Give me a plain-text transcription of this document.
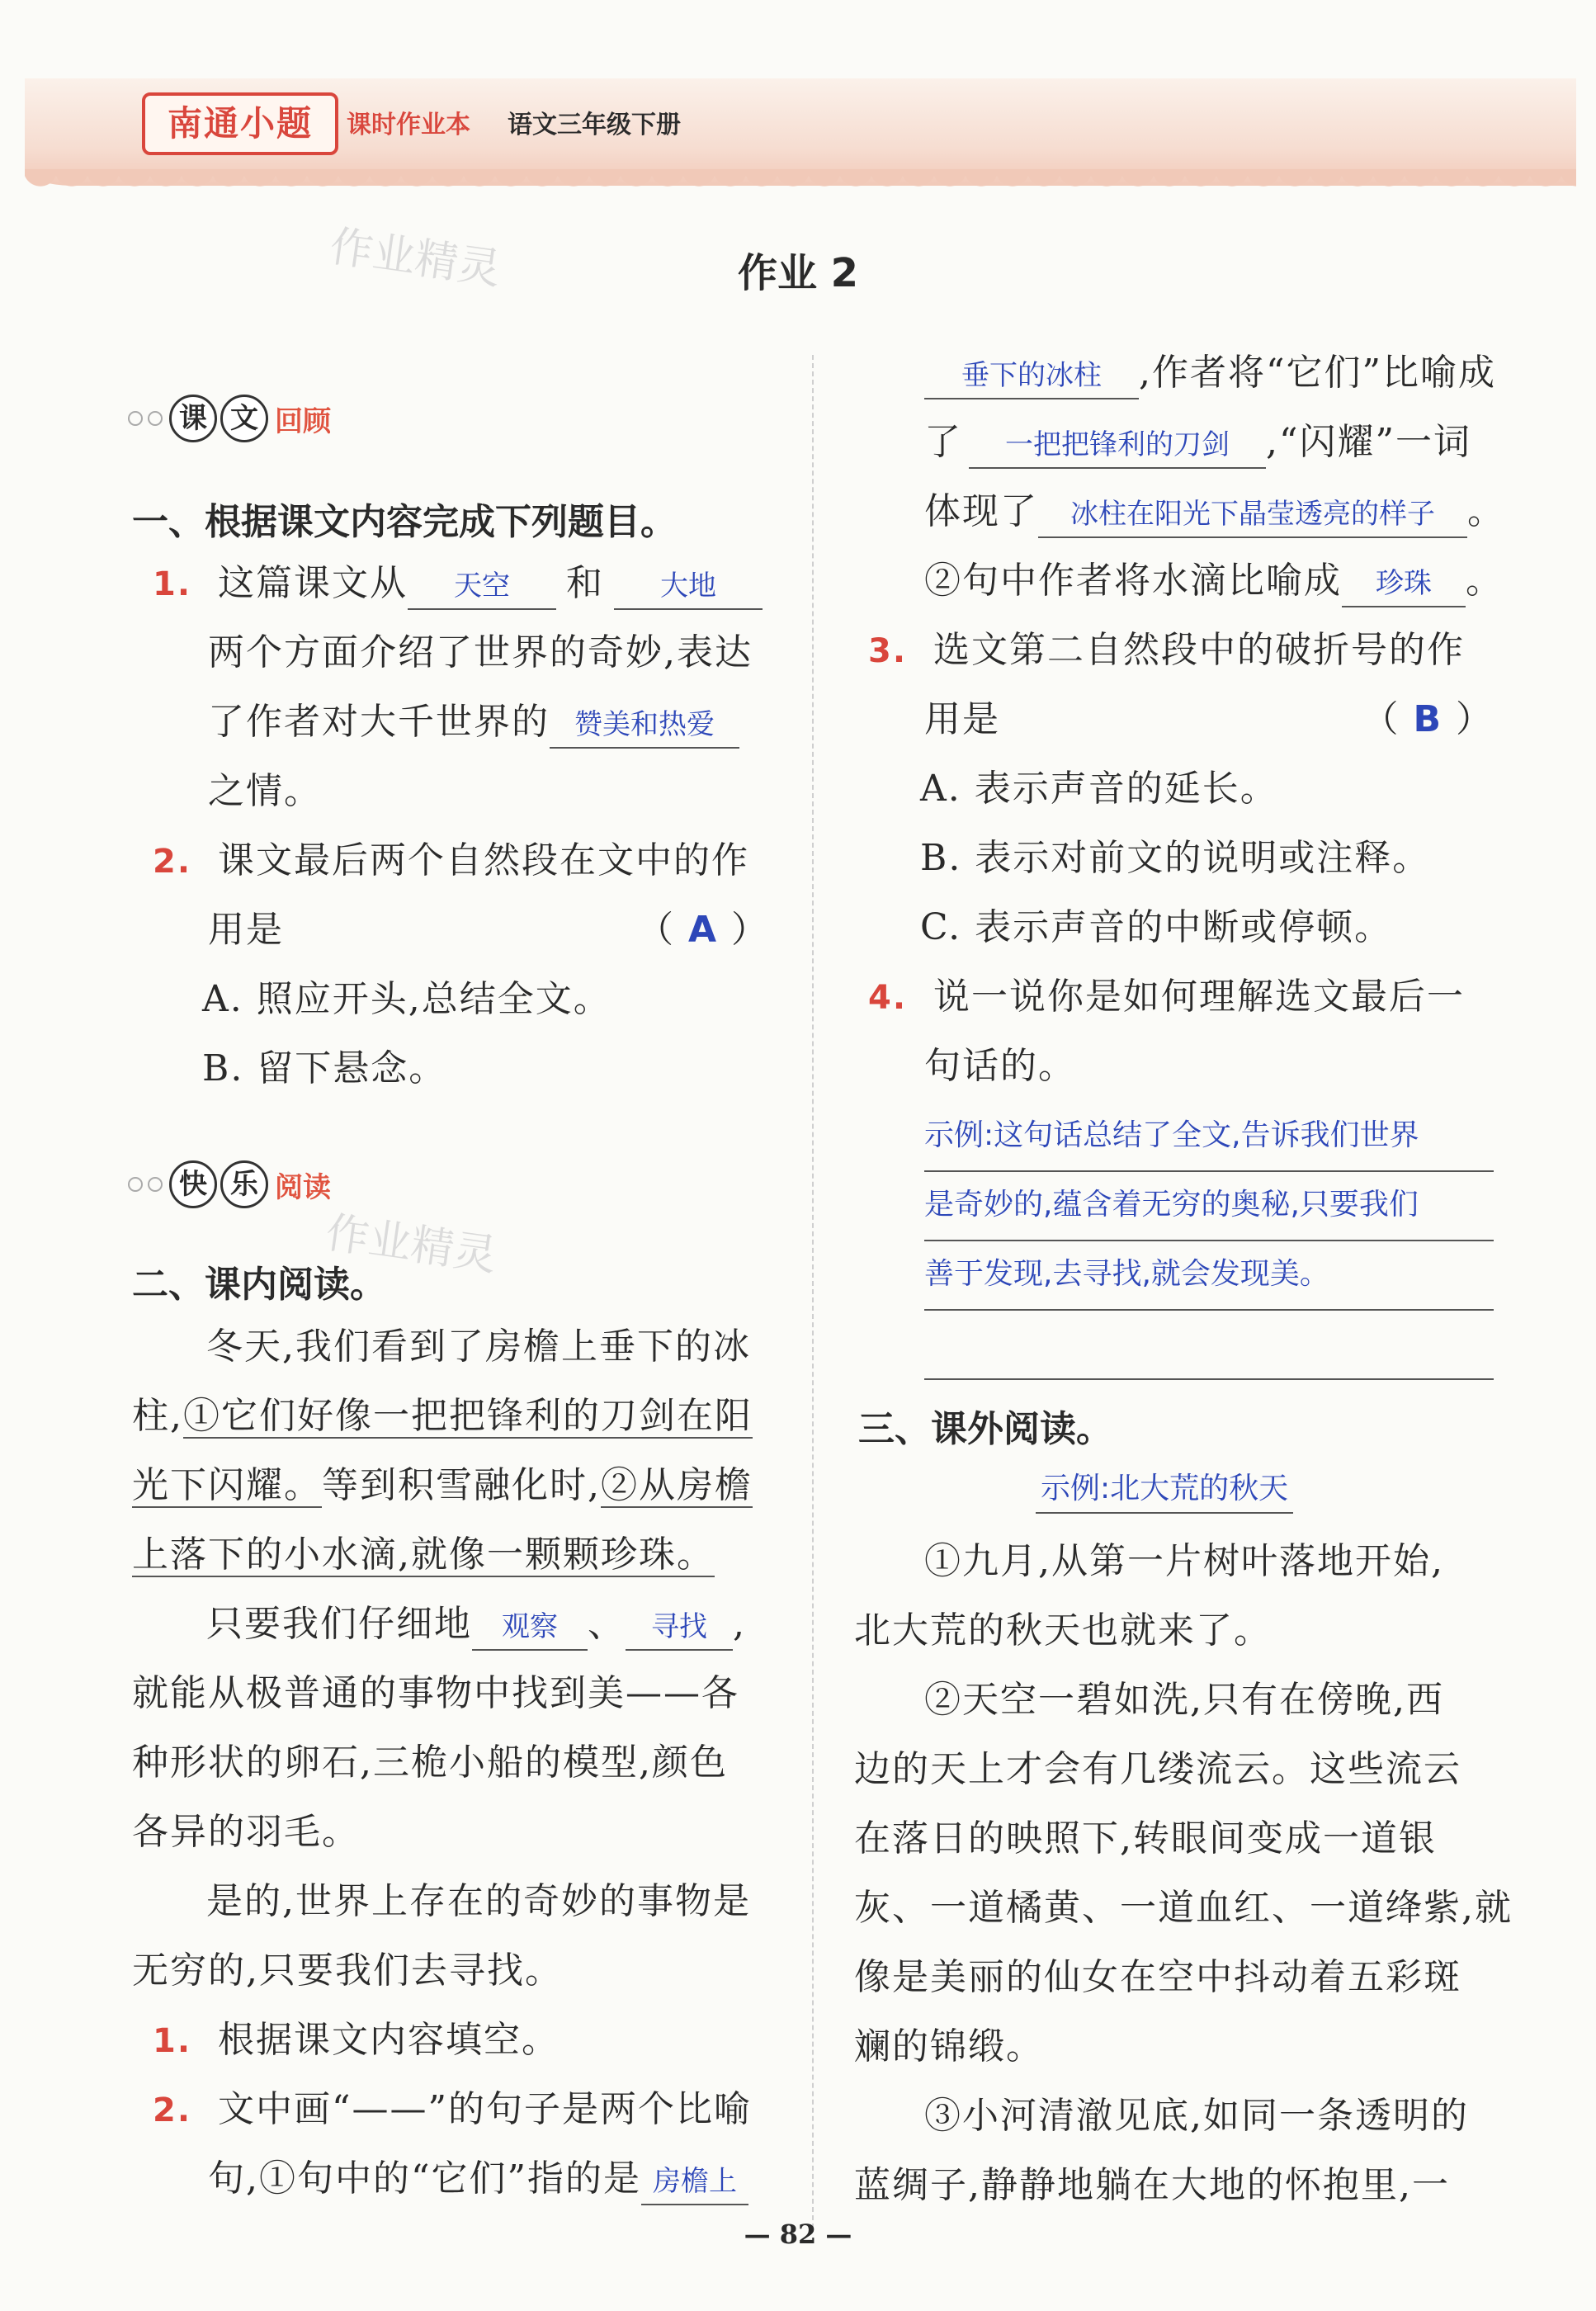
南通小题	课时作业本 语文三年级下册
作业精灵	作业 2
课 文 回顾
一、根据课文内容完成下列题目。
1. 这篇课文从 天空 和 大地
两个方面介绍了世界的奇妙,表达
了作者对大千世界的 赞美和热爱
之情。
2. 课文最后两个自然段在文中的作
用是	（ A ）
A. 照应开头,总结全文。
B. 留下悬念。
快 乐 阅读
作业精灵
二、课内阅读。
冬天,我们看到了房檐上垂下的冰
柱,①它们好像一把把锋利的刀剑在阳
光下闪耀。等到积雪融化时,②从房檐
上落下的小水滴,就像一颗颗珍珠。
只要我们仔细地 观察 、 寻找 ,
就能从极普通的事物中找到美——各
种形状的卵石,三桅小船的模型,颜色
各异的羽毛。
是的,世界上存在的奇妙的事物是
无穷的,只要我们去寻找。
1. 根据课文内容填空。
2. 文中画“——”的句子是两个比喻
句,①句中的“它们”指的是 房檐上
垂下的冰柱 ,作者将“它们”比喻成
了 一把把锋利的刀剑 ,“闪耀”一词
体现了 冰柱在阳光下晶莹透亮的样子 。
②句中作者将水滴比喻成 珍珠 。
3. 选文第二自然段中的破折号的作
用是	（ B ）
A. 表示声音的延长。
B. 表示对前文的说明或注释。
C. 表示声音的中断或停顿。
4. 说一说你是如何理解选文最后一
句话的。
示例:这句话总结了全文,告诉我们世界
是奇妙的,蕴含着无穷的奥秘,只要我们
善于发现,去寻找,就会发现美。
三、课外阅读。
示例:北大荒的秋天
①九月,从第一片树叶落地开始,
北大荒的秋天也就来了。
②天空一碧如洗,只有在傍晚,西
边的天上才会有几缕流云。这些流云
在落日的映照下,转眼间变成一道银
灰、一道橘黄、一道血红、一道绛紫,就
像是美丽的仙女在空中抖动着五彩斑
斓的锦缎。
③小河清澈见底,如同一条透明的
蓝绸子,静静地躺在大地的怀抱里,一
— 82 —
